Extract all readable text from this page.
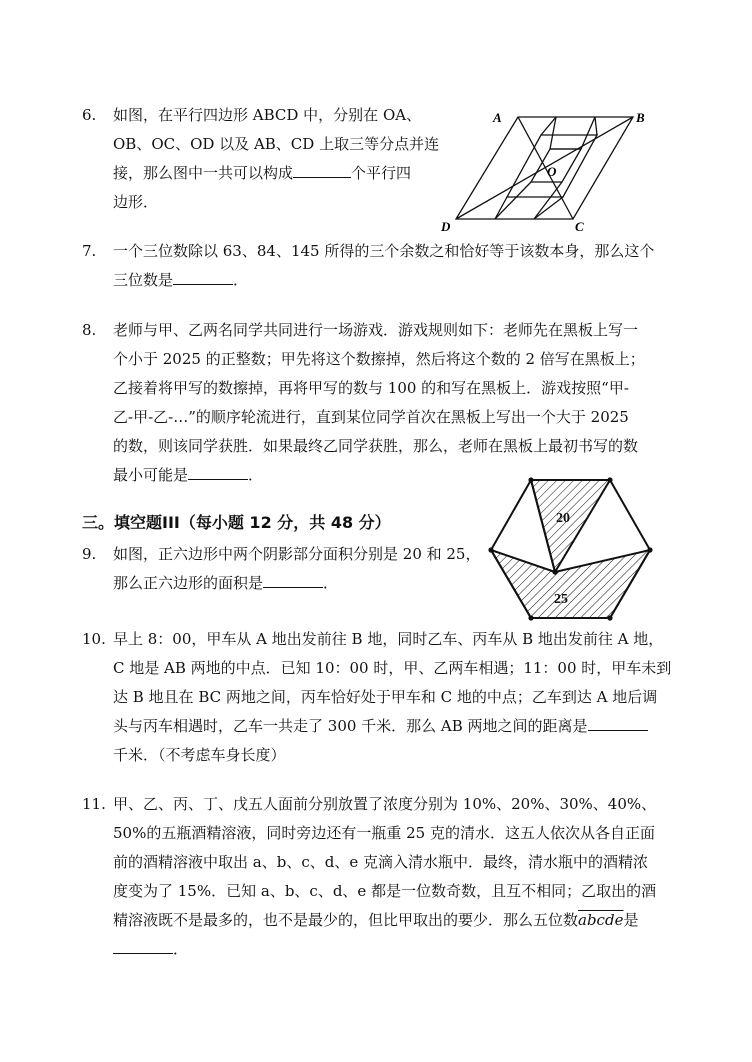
6. 如图，在平行四边形 ABCD 中，分别在 OA、
OB、OC、OD 以及 AB、CD 上取三等分点并连
接，那么图中一共可以构成	个平行四
边形．
A	B
C
D
O
7. 一个三位数除以 63、84、145 所得的三个余数之和恰好等于该数本身，那么这个
三位数是	．
8. 老师与甲、乙两名同学共同进行一场游戏．游戏规则如下：老师先在黑板上写一
个小于 2025 的正整数；甲先将这个数擦掉，然后将这个数的 2 倍写在黑板上；
乙接着将甲写的数擦掉，再将甲写的数与 100 的和写在黑板上．游戏按照“甲-
乙-甲-乙-…”的顺序轮流进行，直到某位同学首次在黑板上写出一个大于 2025
的数，则该同学获胜．如果最终乙同学获胜，那么，老师在黑板上最初书写的数
最小可能是	．
三。填空题III（每小题 12 分，共 48 分）
9. 如图，正六边形中两个阴影部分面积分别是 20 和 25，
那么正六边形的面积是	．
20
25
10. 早上 8：00，甲车从 A 地出发前往 B 地，同时乙车、丙车从 B 地出发前往 A 地，
C 地是 AB 两地的中点．已知 10：00 时，甲、乙两车相遇；11：00 时，甲车未到
达 B 地且在 BC 两地之间，丙车恰好处于甲车和 C 地的中点；乙车到达 A 地后调
头与丙车相遇时，乙车一共走了 300 千米．那么 AB 两地之间的距离是
千米．（不考虑车身长度）
11. 甲、乙、丙、丁、戊五人面前分别放置了浓度分别为 10%、20%、30%、40%、
50%的五瓶酒精溶液，同时旁边还有一瓶重 25 克的清水．这五人依次从各自正面
前的酒精溶液中取出 a、b、c、d、e 克滴入清水瓶中．最终，清水瓶中的酒精浓
度变为了 15%．已知 a、b、c、d、e 都是一位数奇数，且互不相同；乙取出的酒
精溶液既不是最多的，也不是最少的，但比甲取出的要少．那么五位数abcde是
．
